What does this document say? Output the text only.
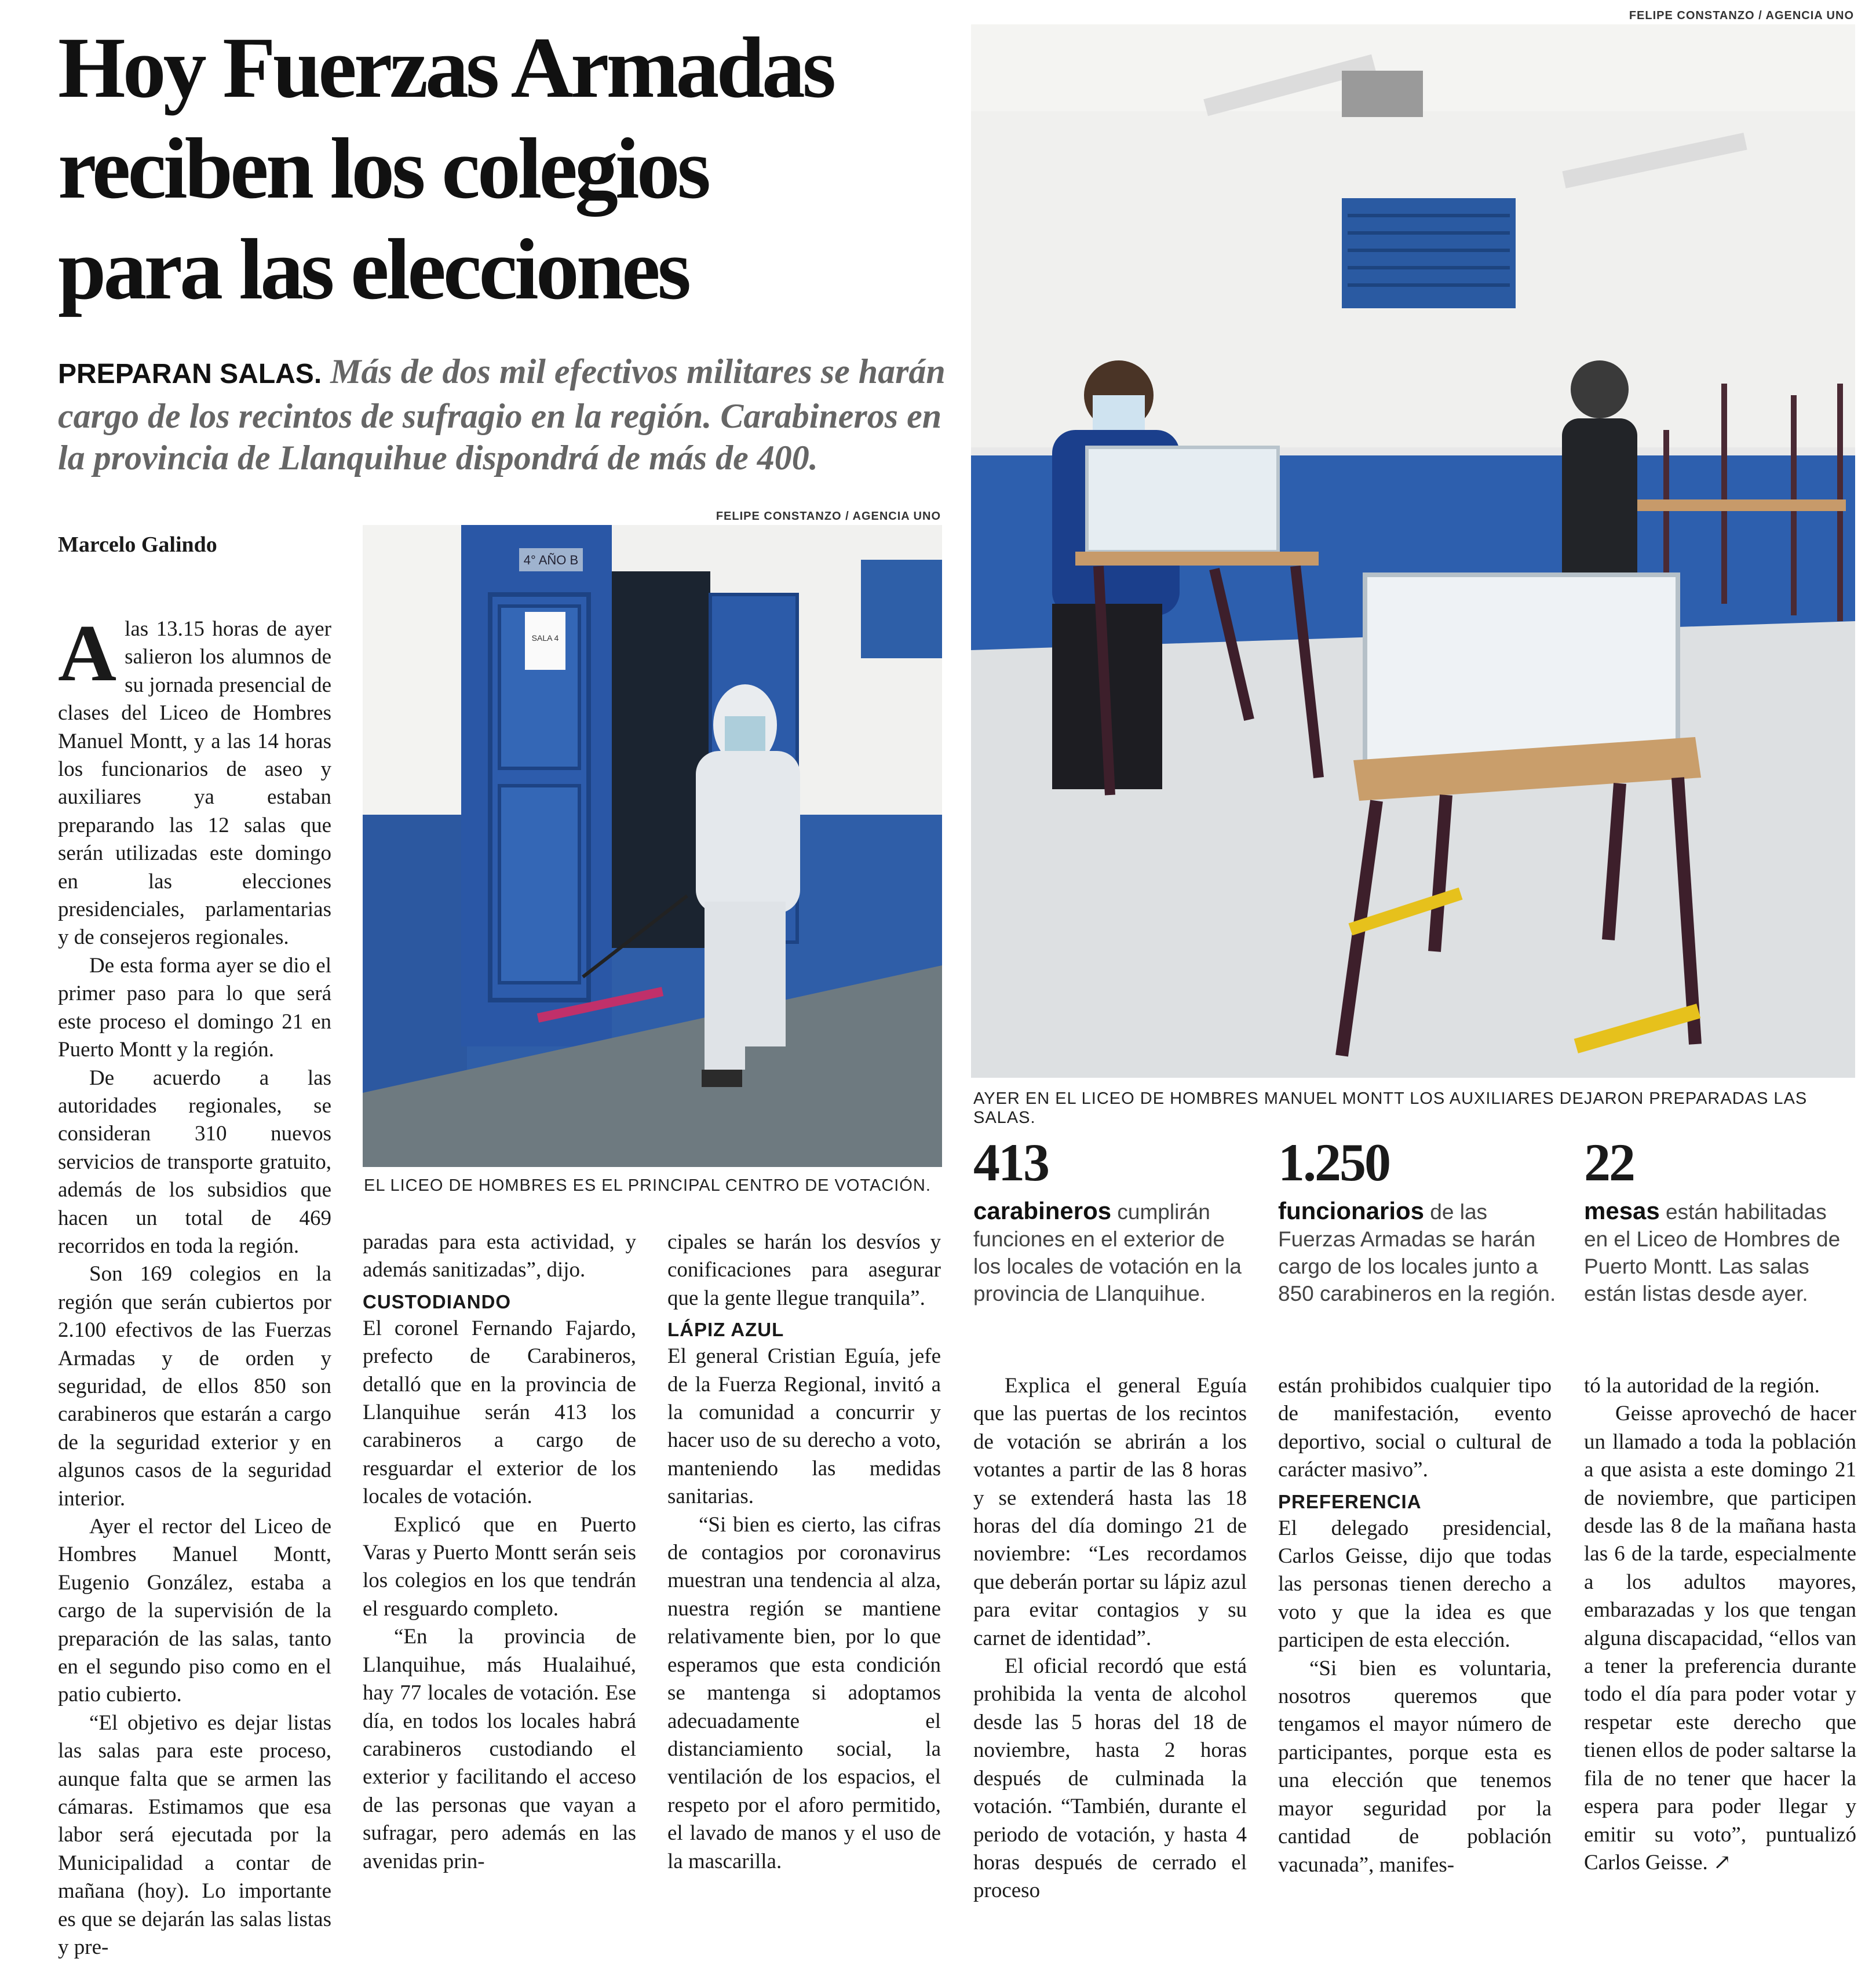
Hoy Fuerzas Armadas
reciben los colegios
para las elecciones
PREPARAN SALAS. Más de dos mil efectivos militares se harán cargo de los recintos de sufragio en la región. Carabineros en la provincia de Llanquihue dispondrá de más de 400.
Marcelo Galindo
FELIPE CONSTANZO / AGENCIA UNO
AYER EN EL LICEO DE HOMBRES MANUEL MONTT LOS AUXILIARES DEJARON PREPARADAS LAS SALAS.
FELIPE CONSTANZO / AGENCIA UNO
4° AÑO B
SALA 4
EL LICEO DE HOMBRES ES EL PRINCIPAL CENTRO DE VOTACIÓN. 413
carabineros cumplirán funciones en el exterior de los locales de votación en la provincia de Llanquihue.
1.250
funcionarios de las Fuerzas Armadas se harán cargo de los locales junto a 850 carabineros en la región.
22
mesas están habilitadas en el Liceo de Hombres de Puerto Montt. Las salas están listas desde ayer.

Alas 13.15 horas de ayer salieron los alumnos de su jornada presencial de clases del Liceo de Hombres Manuel Montt, y a las 14 horas los funcionarios de aseo y auxiliares ya estaban preparando las 12 salas que serán utilizadas este domingo en las elecciones presidenciales, parlamentarias y de consejeros regionales.

De esta forma ayer se dio el primer paso para lo que será este proceso el domingo 21 en Puerto Montt y la región.

De acuerdo a las autoridades regionales, se consideran 310 nuevos servicios de transporte gratuito, además de los subsidios que hacen un total de 469 recorridos en toda la región.

Son 169 colegios en la región que serán cubiertos por 2.100 efectivos de las Fuerzas Armadas y de orden y seguridad, de ellos 850 son carabineros que estarán a cargo de la seguridad exterior y en algunos casos de la seguridad interior.

Ayer el rector del Liceo de Hombres Manuel Montt, Eugenio González, estaba a cargo de la supervisión de la preparación de las salas, tanto en el segundo piso como en el patio cubierto.

“El objetivo es dejar listas las salas para este proceso, aunque falta que se armen las cámaras. Estimamos que esa labor será ejecutada por la Municipalidad a contar de mañana (hoy). Lo importante es que se dejarán las salas listas y pre-

paradas para esta actividad, y además sanitizadas”, dijo.

CUSTODIANDO

El coronel Fernando Fajardo, prefecto de Carabineros, detalló que en la provincia de Llanquihue serán 413 los carabineros a cargo de resguardar el exterior de los locales de votación.

Explicó que en Puerto Varas y Puerto Montt serán seis los colegios en los que tendrán el resguardo completo.

“En la provincia de Llanquihue, más Hualaihué, hay 77 locales de votación. Ese día, en todos los locales habrá carabineros custodiando el exterior y facilitando el acceso de las personas que vayan a sufragar, pero además en las avenidas prin-

cipales se harán los desvíos y conificaciones para asegurar que la gente llegue tranquila”.

LÁPIZ AZUL

El general Cristian Eguía, jefe de la Fuerza Regional, invitó a la comunidad a concurrir y hacer uso de su derecho a voto, manteniendo las medidas sanitarias.

“Si bien es cierto, las cifras de contagios por coronavirus muestran una tendencia al alza, nuestra región se mantiene relativamente bien, por lo que esperamos que esta condición se mantenga si adoptamos adecuadamente el distanciamiento social, la ventilación de los espacios, el respeto por el aforo permitido, el lavado de manos y el uso de la mascarilla.

Explica el general Eguía que las puertas de los recintos de votación se abrirán a los votantes a partir de las 8 horas y se extenderá hasta las 18 horas del día domingo 21 de noviembre: “Les recordamos que deberán portar su lápiz azul para evitar contagios y su carnet de identidad”.

El oficial recordó que está prohibida la venta de alcohol desde las 5 horas del 18 de noviembre, hasta 2 horas después de culminada la votación. “También, durante el periodo de votación, y hasta 4 horas después de cerrado el proceso

están prohibidos cualquier tipo de manifestación, evento deportivo, social o cultural de carácter masivo”.

PREFERENCIA

El delegado presidencial, Carlos Geisse, dijo que todas las personas tienen derecho a voto y que la idea es que participen de esta elección.

“Si bien es voluntaria, nosotros queremos que tengamos el mayor número de participantes, porque esta es una elección que tenemos mayor seguridad por la cantidad de población vacunada”, manifes-

tó la autoridad de la región.

Geisse aprovechó de hacer un llamado a toda la población a que asista a este domingo 21 de noviembre, que participen desde las 8 de la mañana hasta las 6 de la tarde, especialmente a los adultos mayores, embarazadas y los que tengan alguna discapacidad, “ellos van a tener la preferencia durante todo el día para poder votar y respetar este derecho que tienen ellos de poder saltarse la fila de no tener que hacer la espera para poder llegar y emitir su voto”, puntualizó Carlos Geisse. ↗
